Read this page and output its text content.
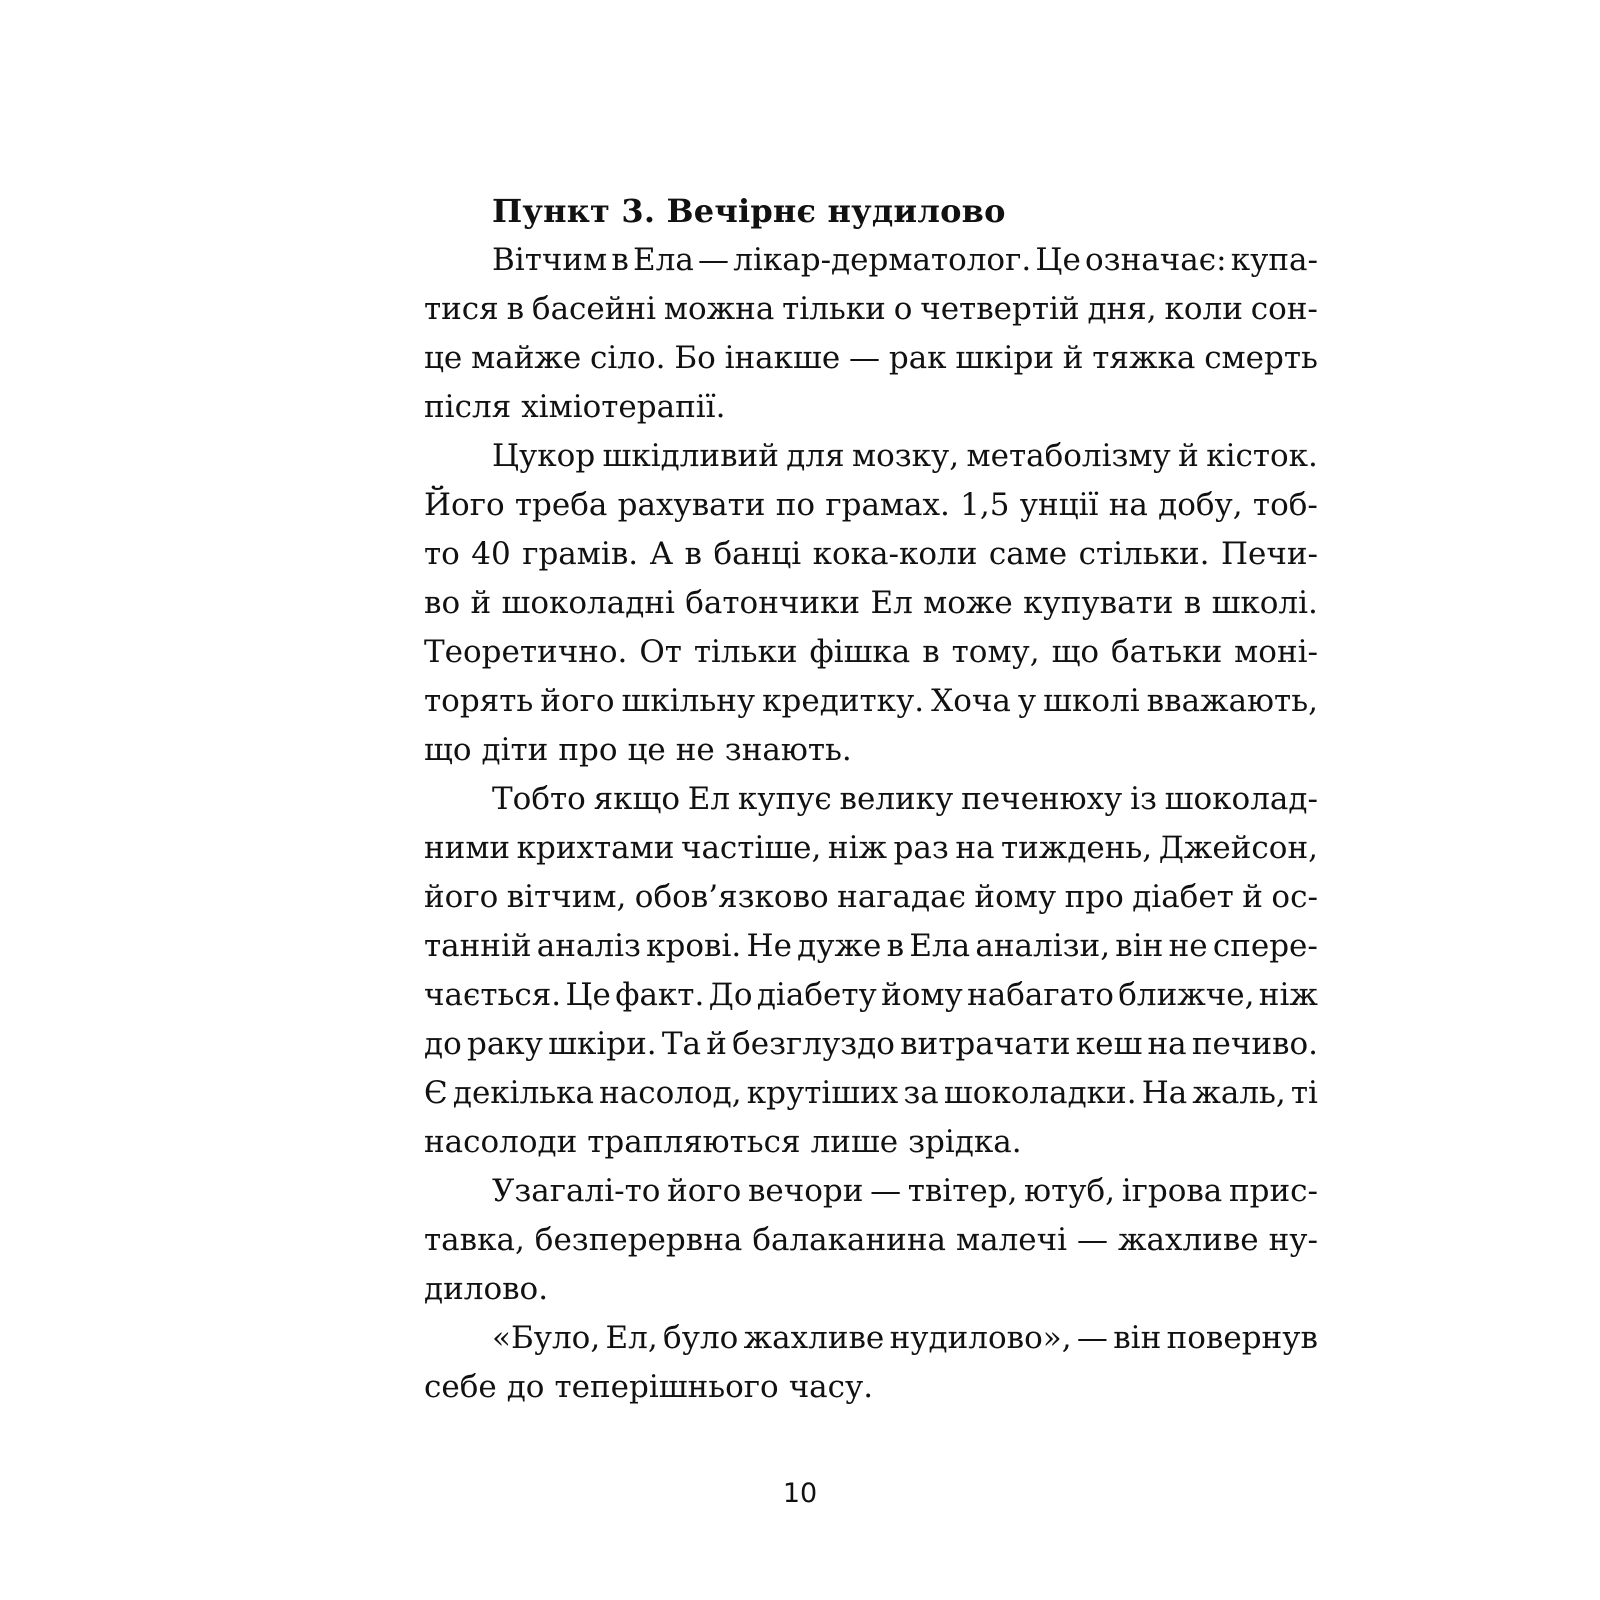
Пункт 3. Вечірнє нудилово
Вітчим в Ела — лікар-дерматолог. Це означає: купа-
тися в басейні можна тільки о четвертій дня, коли сон-
це майже сіло. Бо інакше — рак шкіри й тяжка смерть
після хіміотерапії.
Цукор шкідливий для мозку, метаболізму й кісток.
Його треба рахувати по грамах. 1,5 унції на добу, тоб-
то 40 грамів. А в банці кока-коли саме стільки. Печи-
во й шоколадні батончики Ел може купувати в школі.
Теоретично. От тільки фішка в тому, що батьки моні-
торять його шкільну кредитку. Хоча у школі вважають,
що діти про це не знають.
Тобто якщо Ел купує велику печенюху із шоколад-
ними крихтами частіше, ніж раз на тиждень, Джейсон,
його вітчим, обов’язково нагадає йому про діабет й ос-
танній аналіз крові. Не дуже в Ела аналізи, він не сперe-
чається. Це факт. До діабету йому набагато ближче, ніж
до раку шкіри. Та й безглуздо витрачати кеш на печиво.
Є декілька насолод, крутіших за шоколадки. На жаль, ті
насолоди трапляються лише зрідка.
Узагалі-то його вечори — твітер, ютуб, ігрова прис-
тавка, безперервна балаканина малечі — жахливе ну-
дилово.
«Було, Ел, було жахливе нудилово», — він повернув
себе до теперішнього часу.
10
